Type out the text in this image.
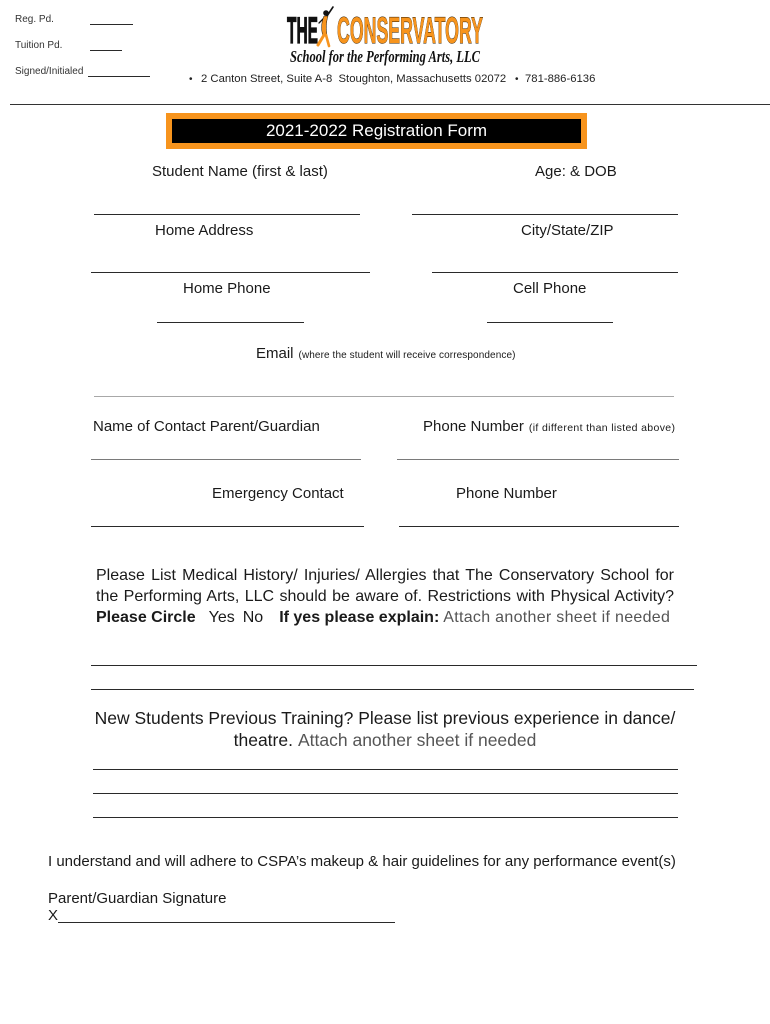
Reg. Pd.
Tuition Pd.
Signed/Initialed
THE CONSERVATORY
School for the Performing Arts, LLC
• 2 Canton Street, Suite A-8  Stoughton, Massachusetts 02072 • 781-886-6136
2021-2022 Registration Form
Student Name (first & last)	Age: & DOB
Home Address	City/State/ZIP
Home Phone	Cell Phone
Email (where the student will receive correspondence)
Name of Contact Parent/Guardian	Phone Number (if different than listed above)
Emergency Contact	Phone Number
Please List Medical History/ Injuries/ Allergies that The Conservatory School for
the Performing Arts, LLC should be aware of. Restrictions with Physical Activity?
Please Circle Yes No If yes please explain: Attach another sheet if needed
New Students Previous Training? Please list previous experience in dance/
theatre. Attach another sheet if needed
I understand and will adhere to CSPA’s makeup & hair guidelines for any performance event(s)
Parent/Guardian Signature
X
